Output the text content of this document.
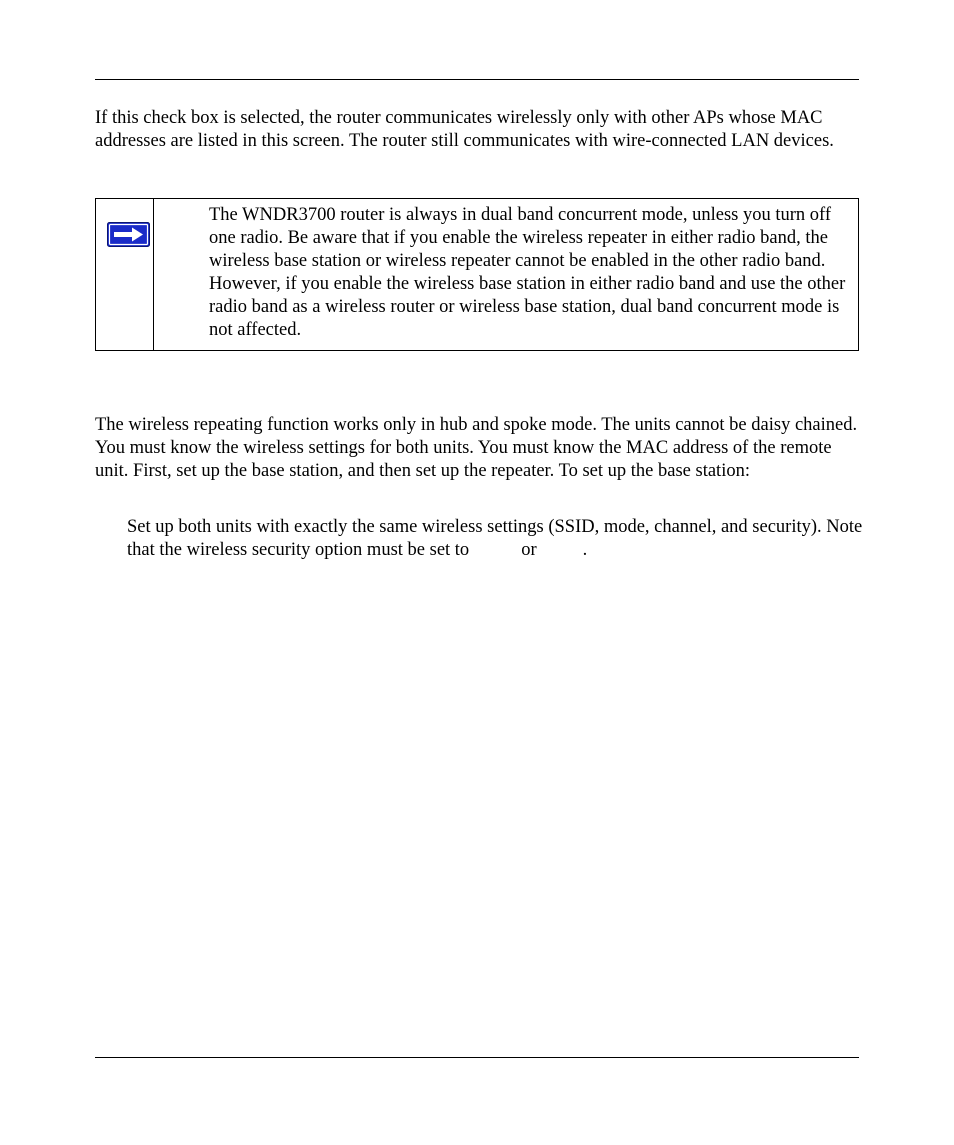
If this check box is selected, the router communicates wirelessly only with other APs whose MAC addresses are listed in this screen. The router still communicates with wire-connected LAN devices.
The WNDR3700 router is always in dual band concurrent mode, unless you turn off one radio. Be aware that if you enable the wireless repeater in either radio band, the wireless base station or wireless repeater cannot be enabled in the other radio band. However, if you enable the wireless base station in either radio band and use the other radio band as a wireless router or wireless base station, dual band concurrent mode is not affected.
The wireless repeating function works only in hub and spoke mode. The units cannot be daisy chained. You must know the wireless settings for both units. You must know the MAC address of the remote unit. First, set up the base station, and then set up the repeater. To set up the base station:
Set up both units with exactly the same wireless settings (SSID, mode, channel, and security). Note that the wireless security option must be set to	or .
